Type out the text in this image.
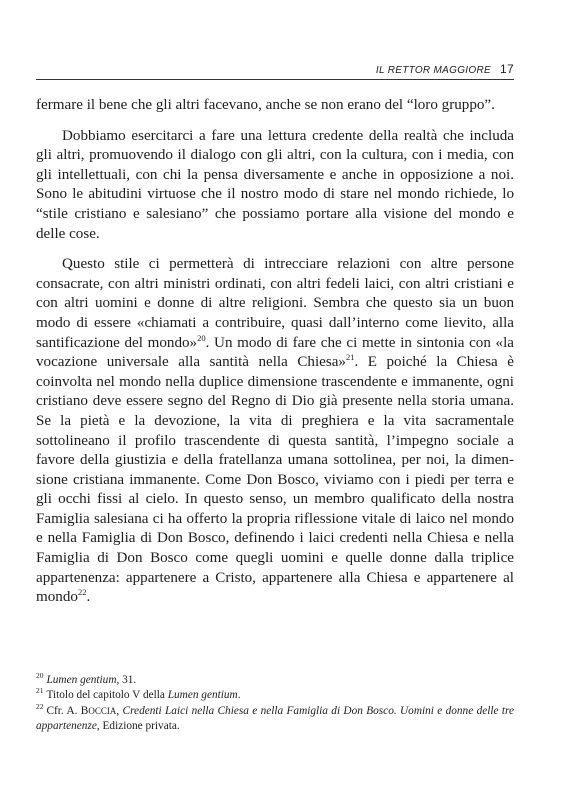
IL RETTOR MAGGIORE 17

fermare il bene che gli altri facevano, anche se non erano del “loro gruppo”.

Dobbiamo esercitarci a fare una lettura credente della realtà che includa gli altri, promuovendo il dialogo con gli altri, con la cultura, con i media, con gli intellettuali, con chi la pensa diversamente e anche in opposizione a noi. Sono le abitudini virtuose che il nostro modo di stare nel mondo richiede, lo “stile cristiano e salesiano” che possiamo portare alla visione del mondo e delle cose.

Questo stile ci permetterà di intrecciare relazioni con altre persone consacrate, con altri ministri ordinati, con altri fedeli laici, con altri cristiani e con altri uomini e donne di altre religioni. Sembra che questo sia un buon modo di essere «chiamati a contribuire, quasi dall’interno come lievito, alla santificazione del mondo»$^{20}$. Un modo di fare che ci mette in sintonia con «la vocazione universale alla santità nella Chiesa»$^{21}$. E poiché la Chiesa è coinvolta nel mondo nella duplice dimensione trascendente e immanente, ogni cristiano deve essere segno del Regno di Dio già presente nella storia umana. Se la pietà e la devozione, la vita di preghiera e la vita sacramentale sottolineano il profilo trascendente di questa santità, l’impegno sociale a favore della giustizia e della fratellanza umana sottolinea, per noi, la dimensione cristiana immanente. Come Don Bosco, viviamo con i piedi per terra e gli occhi fissi al cielo. In questo senso, un membro qualificato della nostra Famiglia salesiana ci ha offerto la propria riflessione vitale di laico nel mondo e nella Famiglia di Don Bosco, definendo i laici credenti nella Chiesa e nella Famiglia di Don Bosco come quegli uomini e quelle donne dalla triplice appartenenza: appartenere a Cristo, appartenere alla Chiesa e appartenere al mondo$^{22}$.

$^{20}$ Lumen gentium, 31.

$^{21}$ Titolo del capitolo V della Lumen gentium.

$^{22}$ Cfr. A. BOCCIA, Credenti Laici nella Chiesa e nella Famiglia di Don Bosco. Uomini e donne delle tre appartenenze, Edizione privata.
